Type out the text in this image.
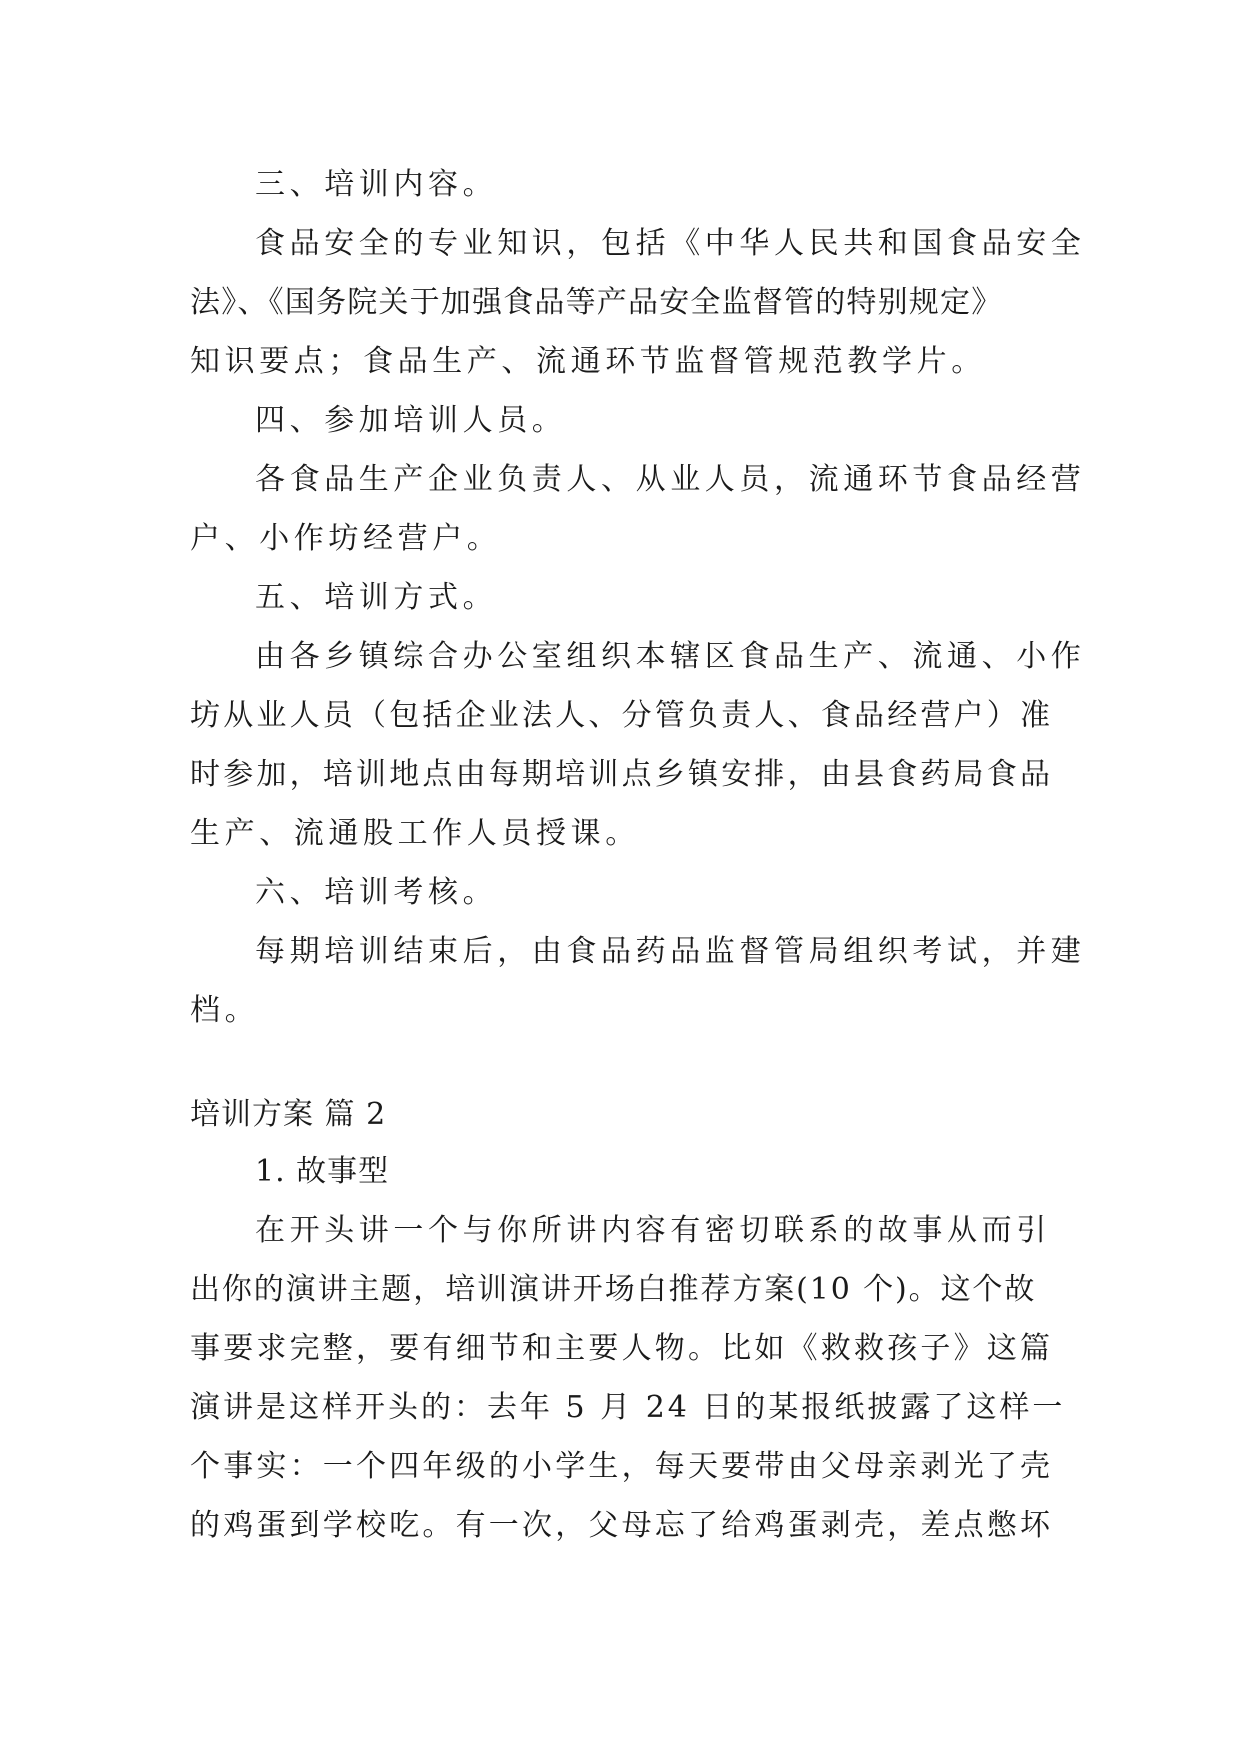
三、培训内容。
食品安全的专业知识，包括《中华人民共和国食品安全
法》、《国务院关于加强食品等产品安全监督管的特别规定》
知识要点；食品生产、流通环节监督管规范教学片。
四、参加培训人员。
各食品生产企业负责人、从业人员，流通环节食品经营
户、小作坊经营户。
五、培训方式。
由各乡镇综合办公室组织本辖区食品生产、流通、小作
坊从业人员（包括企业法人、分管负责人、食品经营户）准
时参加，培训地点由每期培训点乡镇安排，由县食药局食品
生产、流通股工作人员授课。
六、培训考核。
每期培训结束后，由食品药品监督管局组织考试，并建
档。
培训方案 篇 2
1. 故事型
在开头讲一个与你所讲内容有密切联系的故事从而引
出你的演讲主题，培训演讲开场白推荐方案(10 个)。这个故
事要求完整，要有细节和主要人物。比如《救救孩子》这篇
演讲是这样开头的：去年 5 月 24 日的某报纸披露了这样一
个事实：一个四年级的小学生，每天要带由父母亲剥光了壳
的鸡蛋到学校吃。有一次，父母忘了给鸡蛋剥壳，差点憋坏
